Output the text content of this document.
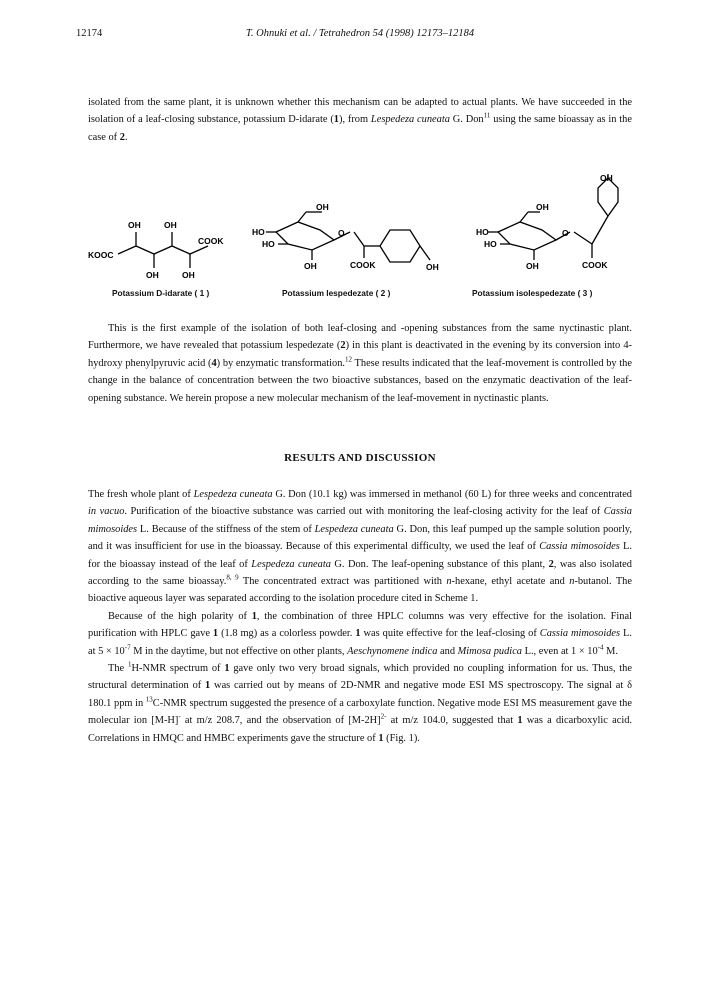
12174	T. Ohnuki et al. / Tetrahedron 54 (1998) 12173–12184

isolated from the same plant, it is unknown whether this mechanism can be adapted to actual plants. We have succeeded in the isolation of a leaf-closing substance, potassium D-idarate (1), from Lespedeza cuneata G. Don$^{11}$ using the same bioassay as in the case of 2.

OH	OH
COOK
KOOC
OH	OH
OH
HO
HO
O
OH	COOK	OH
OH
HO
HO
O
OH	COOK
OH
Potassium D-idarate ( 1 )	Potassium lespedezate ( 2 )	Potassium isolespedezate ( 3 )

This is the first example of the isolation of both leaf-closing and -opening substances from the same nyctinastic plant. Furthermore, we have revealed that potassium lespedezate (2) in this plant is deactivated in the evening by its conversion into 4-hydroxy phenylpyruvic acid (4) by enzymatic transformation.$^{12}$ These results indicated that the leaf-movement is controlled by the change in the balance of concentration between the two bioactive substances, based on the enzymatic deactivation of the leaf-opening substance. We herein propose a new molecular mechanism of the leaf-movement in nyctinastic plants.

RESULTS AND DISCUSSION

The fresh whole plant of Lespedeza cuneata G. Don (10.1 kg) was immersed in methanol (60 L) for three weeks and concentrated in vacuo. Purification of the bioactive substance was carried out with monitoring the leaf-closing activity for the leaf of Cassia mimosoides L. Because of the stiffness of the stem of Lespedeza cuneata G. Don, this leaf pumped up the sample solution poorly, and it was insufficient for use in the bioassay. Because of this experimental difficulty, we used the leaf of Cassia mimosoides L. for the bioassay instead of the leaf of Lespedeza cuneata G. Don. The leaf-opening substance of this plant, 2, was also isolated according to the same bioassay.$^{8, 9}$ The concentrated extract was partitioned with n-hexane, ethyl acetate and n-butanol. The bioactive aqueous layer was separated according to the isolation procedure cited in Scheme 1.

Because of the high polarity of 1, the combination of three HPLC columns was very effective for the isolation. Final purification with HPLC gave 1 (1.8 mg) as a colorless powder. 1 was quite effective for the leaf-closing of Cassia mimosoides L. at $5 \times 10^{-7}$ M in the daytime, but not effective on other plants, Aeschynomene indica and Mimosa pudica L., even at $1 \times 10^{-4}$ M.

The $^1$H-NMR spectrum of 1 gave only two very broad signals, which provided no coupling information for us. Thus, the structural determination of 1 was carried out by means of 2D-NMR and negative mode ESI MS spectroscopy. The signal at δ 180.1 ppm in $^{13}$C-NMR spectrum suggested the presence of a carboxylate function. Negative mode ESI MS measurement gave the molecular ion [M-H]- at m/z 208.7, and the observation of $[M-2H]^{2-}$ at m/z 104.0, suggested that 1 was a dicarboxylic acid. Correlations in HMQC and HMBC experiments gave the structure of 1 (Fig. 1).
